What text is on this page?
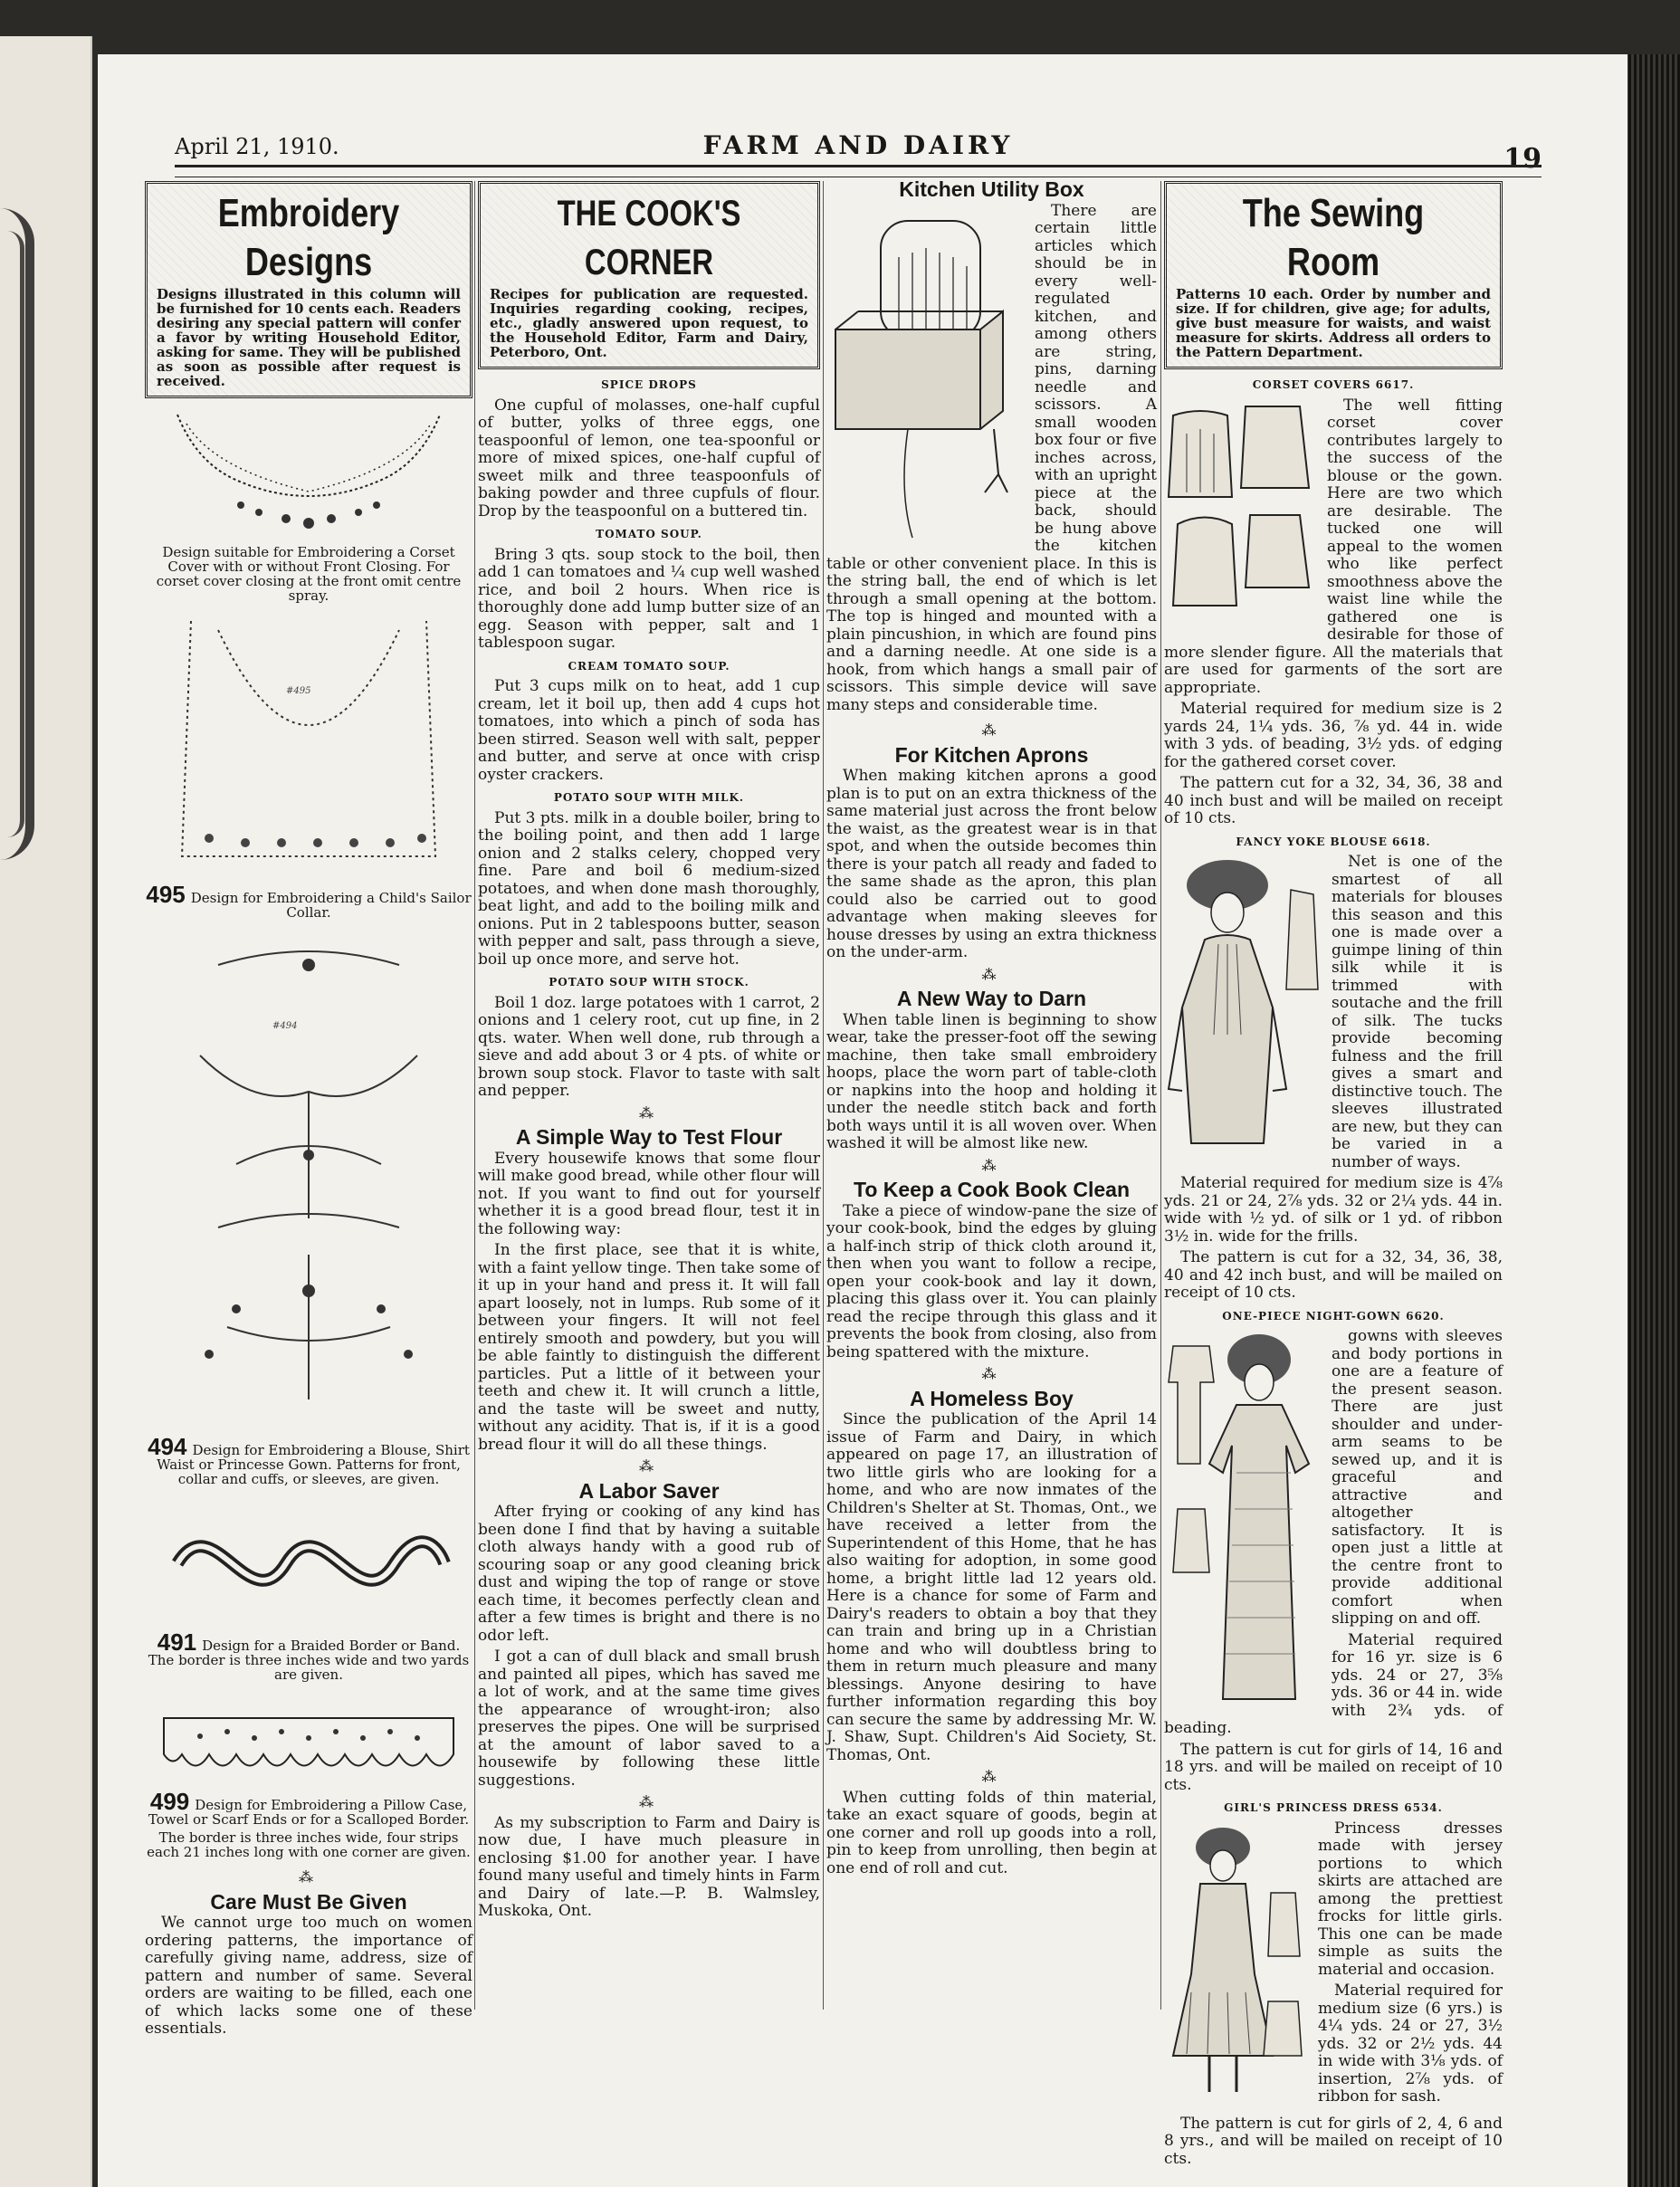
April 21, 1910.	FARM AND DAIRY	19
Embroidery Designs
Designs illustrated in this column will be furnished for 10 cents each. Readers desiring any special pattern will confer a favor by writing Household Editor, asking for same. They will be published as soon as possible after request is received.
Design suitable for Embroidering a Corset Cover with or without Front Closing. For corset cover closing at the front omit centre spray.
#495
495 Design for Embroidering a Child's Sailor Collar.
#494
494 Design for Embroidering a Blouse, Shirt Waist or Princesse Gown. Patterns for front, collar and cuffs, or sleeves, are given.
491 Design for a Braided Border or Band. The border is three inches wide and two yards are given.
499 Design for Embroidering a Pillow Case, Towel or Scarf Ends or for a Scalloped Border.
The border is three inches wide, four strips each 21 inches long with one corner are given.
⁂
Care Must Be Given

We cannot urge too much on women ordering patterns, the importance of carefully giving name, address, size of pattern and number of same. Several orders are waiting to be filled, each one of which lacks some one of these essentials.

THE COOK'S CORNER
Recipes for publication are requested. Inquiries regarding cooking, recipes, etc., gladly answered upon request, to the Household Editor, Farm and Dairy, Peterboro, Ont.
SPICE DROPS

One cupful of molasses, one-half cupful of butter, yolks of three eggs, one teaspoonful of lemon, one tea-spoonful or more of mixed spices, one-half cupful of sweet milk and three teaspoonfuls of baking powder and three cupfuls of flour. Drop by the teaspoonful on a buttered tin.

TOMATO SOUP.

Bring 3 qts. soup stock to the boil, then add 1 can tomatoes and ¼ cup well washed rice, and boil 2 hours. When rice is thoroughly done add lump butter size of an egg. Season with pepper, salt and 1 tablespoon sugar.

CREAM TOMATO SOUP.

Put 3 cups milk on to heat, add 1 cup cream, let it boil up, then add 4 cups hot tomatoes, into which a pinch of soda has been stirred. Season well with salt, pepper and butter, and serve at once with crisp oyster crackers.

POTATO SOUP WITH MILK.

Put 3 pts. milk in a double boiler, bring to the boiling point, and then add 1 large onion and 2 stalks celery, chopped very fine. Pare and boil 6 medium-sized potatoes, and when done mash thoroughly, beat light, and add to the boiling milk and onions. Put in 2 tablespoons butter, season with pepper and salt, pass through a sieve, boil up once more, and serve hot.

POTATO SOUP WITH STOCK.

Boil 1 doz. large potatoes with 1 carrot, 2 onions and 1 celery root, cut up fine, in 2 qts. water. When well done, rub through a sieve and add about 3 or 4 pts. of white or brown soup stock. Flavor to taste with salt and pepper.

⁂
A Simple Way to Test Flour

Every housewife knows that some flour will make good bread, while other flour will not. If you want to find out for yourself whether it is a good bread flour, test it in the following way:

In the first place, see that it is white, with a faint yellow tinge. Then take some of it up in your hand and press it. It will fall apart loosely, not in lumps. Rub some of it between your fingers. It will not feel entirely smooth and powdery, but you will be able faintly to distinguish the different particles. Put a little of it between your teeth and chew it. It will crunch a little, and the taste will be sweet and nutty, without any acidity. That is, if it is a good bread flour it will do all these things.

⁂
A Labor Saver

After frying or cooking of any kind has been done I find that by having a suitable cloth always handy with a good rub of scouring soap or any good cleaning brick dust and wiping the top of range or stove each time, it becomes perfectly clean and after a few times is bright and there is no odor left.

I got a can of dull black and small brush and painted all pipes, which has saved me a lot of work, and at the same time gives the appearance of wrought-iron; also preserves the pipes. One will be surprised at the amount of labor saved to a housewife by following these little suggestions.

⁂

As my subscription to Farm and Dairy is now due, I have much pleasure in enclosing $1.00 for another year. I have found many useful and timely hints in Farm and Dairy of late.—P. B. Walmsley, Muskoka, Ont.

Kitchen Utility Box

There are certain little articles which should be in every well-regulated kitchen, and among others are string, pins, darning needle and scissors. A small wooden box four or five inches across, with an upright piece at the back, should be hung above the kitchen table or other convenient place. In this is the string ball, the end of which is let through a small opening at the bottom. The top is hinged and mounted with a plain pincushion, in which are found pins and a darning needle. At one side is a hook, from which hangs a small pair of scissors. This simple device will save many steps and considerable time.

⁂
For Kitchen Aprons

When making kitchen aprons a good plan is to put on an extra thickness of the same material just across the front below the waist, as the greatest wear is in that spot, and when the outside becomes thin there is your patch all ready and faded to the same shade as the apron, this plan could also be carried out to good advantage when making sleeves for house dresses by using an extra thickness on the under-arm.

⁂
A New Way to Darn

When table linen is beginning to show wear, take the presser-foot off the sewing machine, then take small embroidery hoops, place the worn part of table-cloth or napkins into the hoop and holding it under the needle stitch back and forth both ways until it is all woven over. When washed it will be almost like new.

⁂
To Keep a Cook Book Clean

Take a piece of window-pane the size of your cook-book, bind the edges by gluing a half-inch strip of thick cloth around it, then when you want to follow a recipe, open your cook-book and lay it down, placing this glass over it. You can plainly read the recipe through this glass and it prevents the book from closing, also from being spattered with the mixture.

⁂
A Homeless Boy

Since the publication of the April 14 issue of Farm and Dairy, in which appeared on page 17, an illustration of two little girls who are looking for a home, and who are now inmates of the Children's Shelter at St. Thomas, Ont., we have received a letter from the Superintendent of this Home, that he has also waiting for adoption, in some good home, a bright little lad 12 years old. Here is a chance for some of Farm and Dairy's readers to obtain a boy that they can train and bring up in a Christian home and who will doubtless bring to them in return much pleasure and many blessings. Anyone desiring to have further information regarding this boy can secure the same by addressing Mr. W. J. Shaw, Supt. Children's Aid Society, St. Thomas, Ont.

⁂

When cutting folds of thin material, take an exact square of goods, begin at one corner and roll up goods into a roll, pin to keep from unrolling, then begin at one end of roll and cut.

The Sewing Room
Patterns 10 each. Order by number and size. If for children, give age; for adults, give bust measure for waists, and waist measure for skirts. Address all orders to the Pattern Department.
CORSET COVERS 6617.

The well fitting corset cover contributes largely to the success of the blouse or the gown. Here are two which are desirable. The tucked one will appeal to the women who like perfect smoothness above the waist line while the gathered one is desirable for those of more slender figure. All the materials that are used for garments of the sort are appropriate.

Material required for medium size is 2 yards 24, 1¼ yds. 36, ⅞ yd. 44 in. wide with 3 yds. of beading, 3½ yds. of edging for the gathered corset cover.

The pattern cut for a 32, 34, 36, 38 and 40 inch bust and will be mailed on receipt of 10 cts.

FANCY YOKE BLOUSE 6618.

Net is one of the smartest of all materials for blouses this season and this one is made over a guimpe lining of thin silk while it is trimmed with soutache and the frill of silk. The tucks provide becoming fulness and the frill gives a smart and distinctive touch. The sleeves illustrated are new, but they can be varied in a number of ways.

Material required for medium size is 4⅞ yds. 21 or 24, 2⅞ yds. 32 or 2¼ yds. 44 in. wide with ½ yd. of silk or 1 yd. of ribbon 3½ in. wide for the frills.

The pattern is cut for a 32, 34, 36, 38, 40 and 42 inch bust, and will be mailed on receipt of 10 cts.

ONE-PIECE NIGHT-GOWN 6620.

gowns with sleeves and body portions in one are a feature of the present season. There are just shoulder and under-arm seams to be sewed up, and it is graceful and attractive and altogether satisfactory. It is open just a little at the centre front to provide additional comfort when slipping on and off.

Material required for 16 yr. size is 6 yds. 24 or 27, 3⅝ yds. 36 or 44 in. wide with 2¾ yds. of beading.

The pattern is cut for girls of 14, 16 and 18 yrs. and will be mailed on receipt of 10 cts.

GIRL'S PRINCESS DRESS 6534.

Princess dresses made with jersey portions to which skirts are attached are among the prettiest frocks for little girls. This one can be made simple as suits the material and occasion.

Material required for medium size (6 yrs.) is 4¼ yds. 24 or 27, 3½ yds. 32 or 2½ yds. 44 in wide with 3⅛ yds. of insertion, 2⅞ yds. of ribbon for sash.

The pattern is cut for girls of 2, 4, 6 and 8 yrs., and will be mailed on receipt of 10 cts.
